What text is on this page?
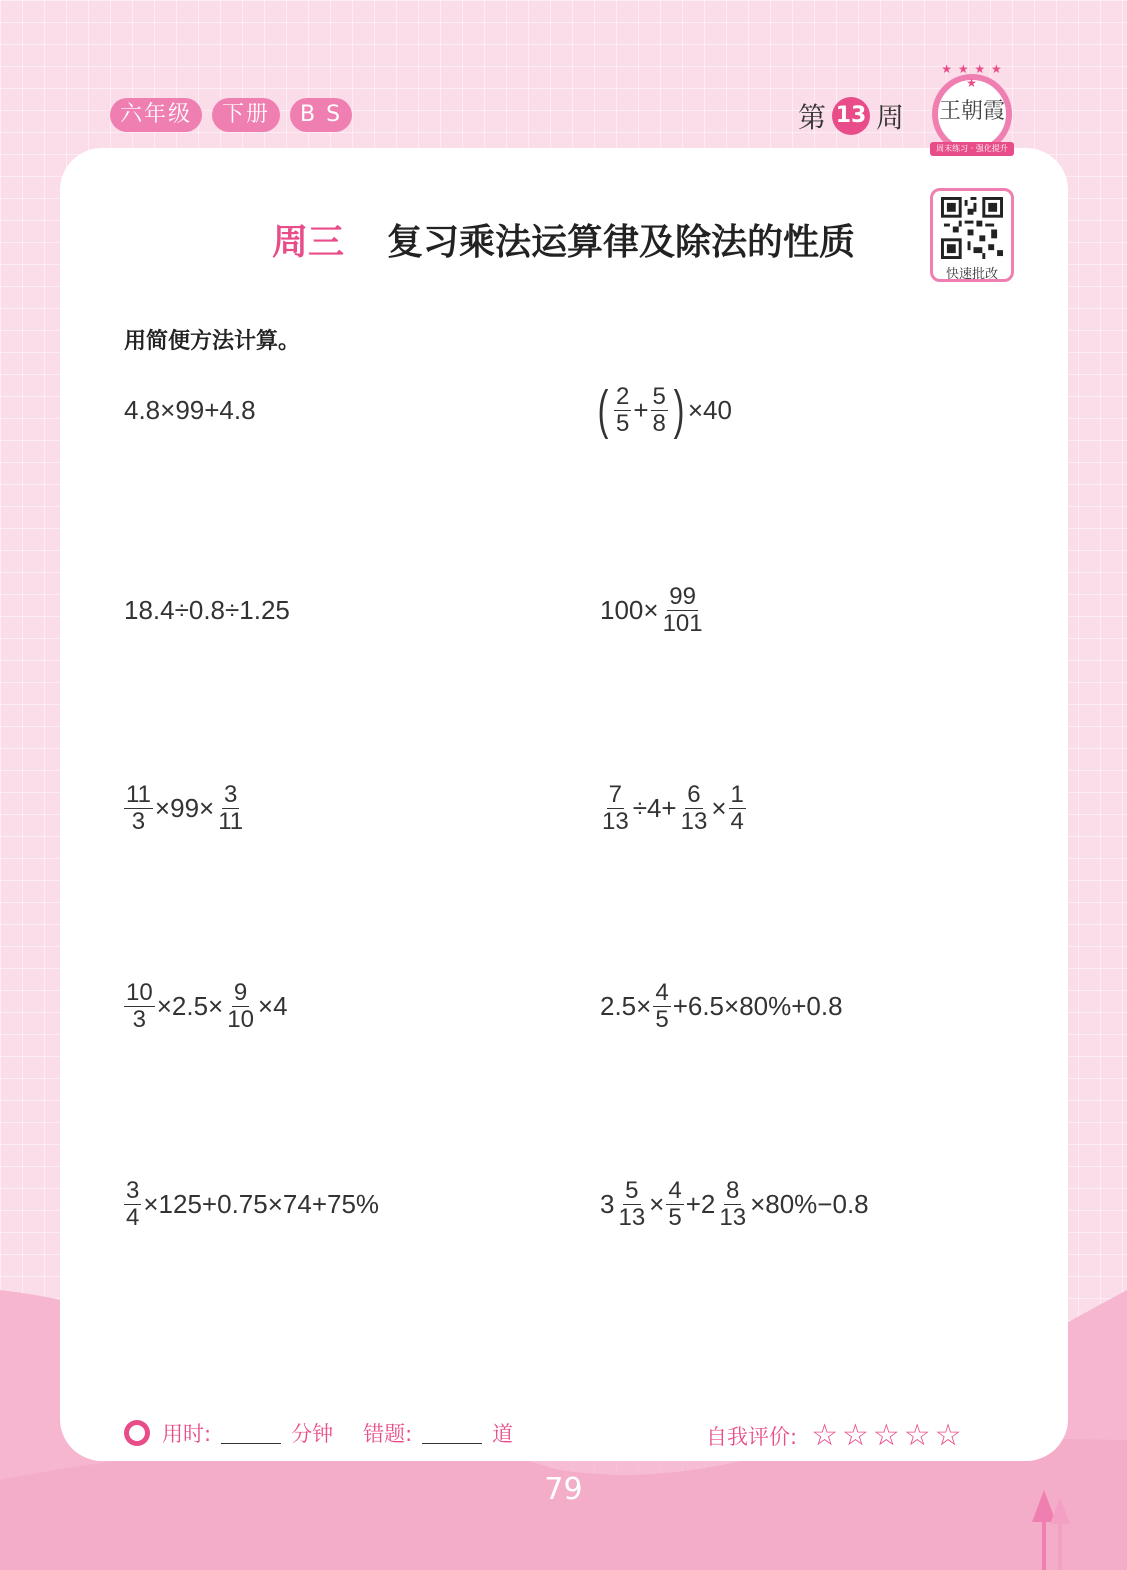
六年级	下册	B S	第 13 周
★ ★ ★ ★ ★
王朝霞
周末练习 · 强化提升
周三 复习乘法运算律及除法的性质
快速批改
用简便方法计算。
4.8×99+4.8	( $\frac{2}{5} + \frac{5}{8}$ ) ×40
18.4÷0.8÷1.25	$100\times \frac{99}{101}$
$\frac{11}{3} \times 99\times \frac{3}{11}$	$\frac{7}{13} \div 4+ \frac{6}{13} \times \frac{1}{4}$
$\frac{10}{3} \times 2.5\times \frac{9}{10} \times 4$	$2.5\times \frac{4}{5} +6.5\times 80\%+0.8$
$\frac{3}{4} \times 125+0.75\times 74+75\%$	$3 \frac{5}{13} \times \frac{4}{5} +2 \frac{8}{13} \times 80\%-0.8$
用时:	分钟 错题:	道	自我评价: ☆☆☆☆☆
79
